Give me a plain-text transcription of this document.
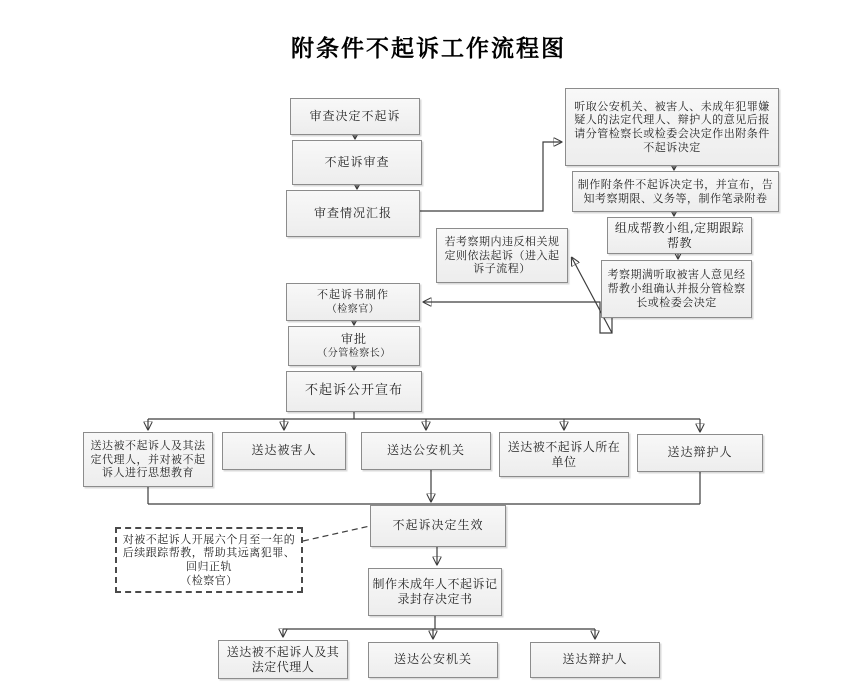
附条件不起诉工作流程图
审查决定不起诉
不起诉审查
审查情况汇报
听取公安机关、被害人、未成年犯罪嫌疑人的法定代理人、辩护人的意见后报请分管检察长或检委会决定作出附条件不起诉决定
制作附条件不起诉决定书，并宣布，告知考察期限、义务等，制作笔录附卷
组成帮教小组,定期跟踪帮教
考察期满听取被害人意见经帮教小组确认并报分管检察长或检委会决定
若考察期内违反相关规定则依法起诉（进入起诉子流程）
不起诉书制作
（检察官）
审批
（分管检察长）
不起诉公开宣布
送达被不起诉人及其法定代理人，并对被不起诉人进行思想教育
送达被害人	送达公安机关	送达被不起诉人所在单位
送达辩护人
不起诉决定生效
对被不起诉人开展六个月至一年的后续跟踪帮教，帮助其远离犯罪、回归正轨
（检察官）	制作未成年人不起诉记录封存决定书
送达被不起诉人及其法定代理人
送达公安机关	送达辩护人
